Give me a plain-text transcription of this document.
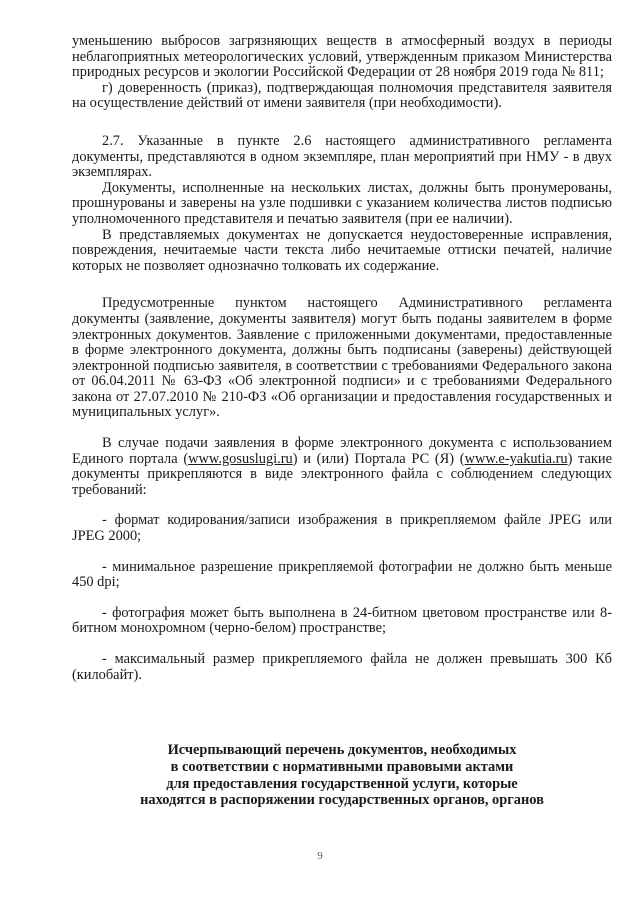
уменьшению выбросов загрязняющих веществ в атмосферный воздух в периоды неблагоприятных метеорологических условий, утвержденным приказом Министерства природных ресурсов и экологии Российской Федерации от 28 ноября 2019 года № 811;

г) доверенность (приказ), подтверждающая полномочия представителя заявителя на осуществление действий от имени заявителя (при необходимости).

2.7. Указанные в пункте 2.6 настоящего административного регламента документы, представляются в одном экземпляре, план мероприятий при НМУ - в двух экземплярах.

Документы, исполненные на нескольких листах, должны быть пронумерованы, прошнурованы и заверены на узле подшивки с указанием количества листов подписью уполномоченного представителя и печатью заявителя (при ее наличии).

В представляемых документах не допускается неудостоверенные исправления, повреждения, нечитаемые части текста либо нечитаемые оттиски печатей, наличие которых не позволяет однозначно толковать их содержание.

Предусмотренные пунктом настоящего Административного регламента документы (заявление, документы заявителя) могут быть поданы заявителем в форме электронных документов. Заявление с приложенными документами, предоставленные в форме электронного документа, должны быть подписаны (заверены) действующей электронной подписью заявителя, в соответствии с требованиями Федерального закона от 06.04.2011 № 63-ФЗ «Об электронной подписи» и с требованиями Федерального закона от 27.07.2010 № 210-ФЗ «Об организации и предоставления государственных и муниципальных услуг».

В случае подачи заявления в форме электронного документа с использованием Единого портала (www.gosuslugi.ru) и (или) Портала РС (Я) (www.e-yakutia.ru) такие документы прикрепляются в виде электронного файла с соблюдением следующих требований:

- формат кодирования/записи изображения в прикрепляемом файле JPEG или JPEG 2000;

- минимальное разрешение прикрепляемой фотографии не должно быть меньше 450 dpi;

- фотография может быть выполнена в 24-битном цветовом пространстве или 8-битном монохромном (черно-белом) пространстве;

- максимальный размер прикрепляемого файла не должен превышать 300 Кб (килобайт).

Исчерпывающий перечень документов, необходимых
в соответствии с нормативными правовыми актами
для предоставления государственной услуги, которые
находятся в распоряжении государственных органов, органов
9
